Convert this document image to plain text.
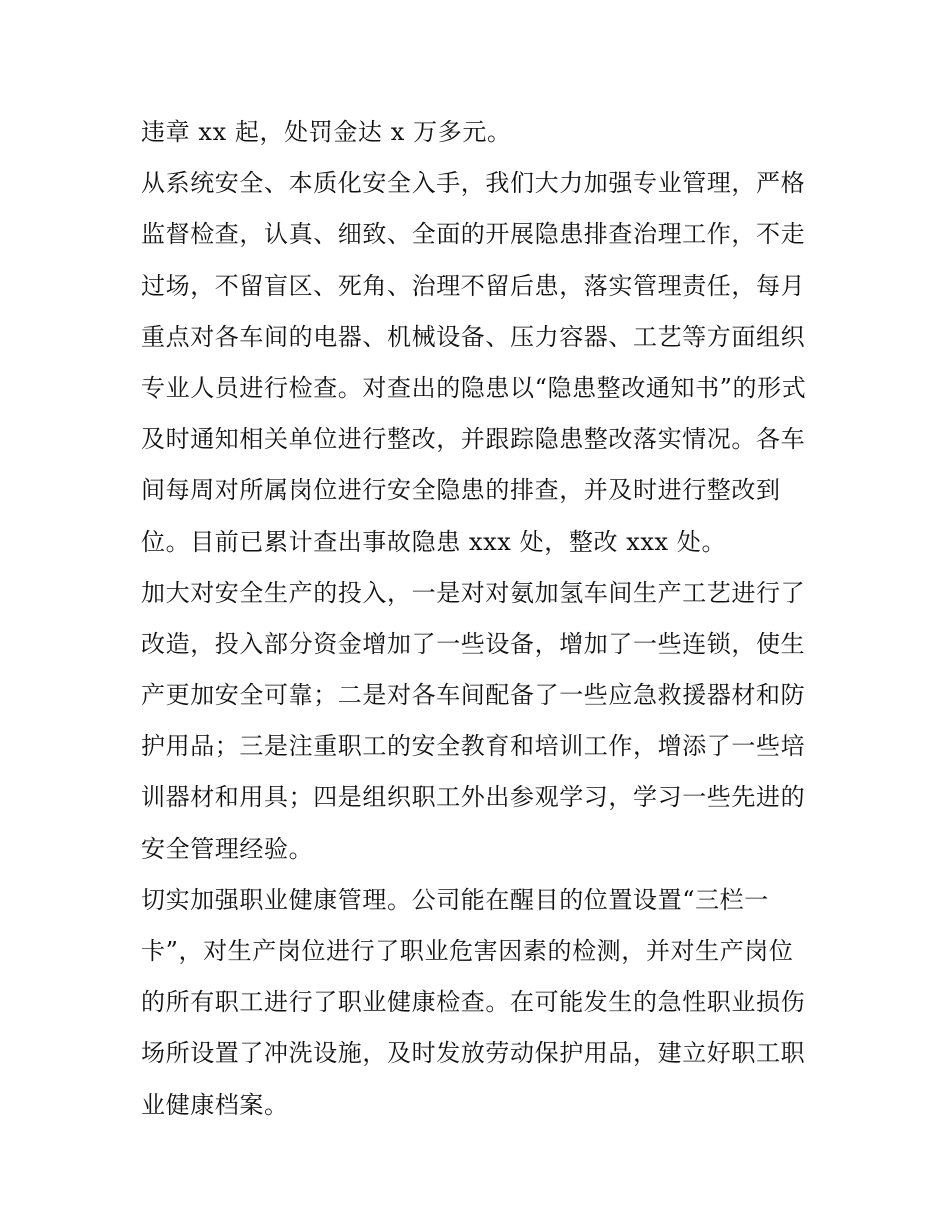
违章 xx 起，处罚金达 x 万多元。
从系统安全、本质化安全入手，我们大力加强专业管理，严格
监督检查，认真、细致、全面的开展隐患排查治理工作，不走
过场，不留盲区、死角、治理不留后患，落实管理责任，每月
重点对各车间的电器、机械设备、压力容器、工艺等方面组织
专业人员进行检查。对查出的隐患以“隐患整改通知书”的形式
及时通知相关单位进行整改，并跟踪隐患整改落实情况。各车
间每周对所属岗位进行安全隐患的排查，并及时进行整改到
位。目前已累计查出事故隐患 xxx 处，整改 xxx 处。
加大对安全生产的投入，一是对对氨加氢车间生产工艺进行了
改造，投入部分资金增加了一些设备，增加了一些连锁，使生
产更加安全可靠；二是对各车间配备了一些应急救援器材和防
护用品；三是注重职工的安全教育和培训工作，增添了一些培
训器材和用具；四是组织职工外出参观学习，学习一些先进的
安全管理经验。
切实加强职业健康管理。公司能在醒目的位置设置“三栏一
卡”，对生产岗位进行了职业危害因素的检测，并对生产岗位
的所有职工进行了职业健康检查。在可能发生的急性职业损伤
场所设置了冲洗设施，及时发放劳动保护用品，建立好职工职
业健康档案。
